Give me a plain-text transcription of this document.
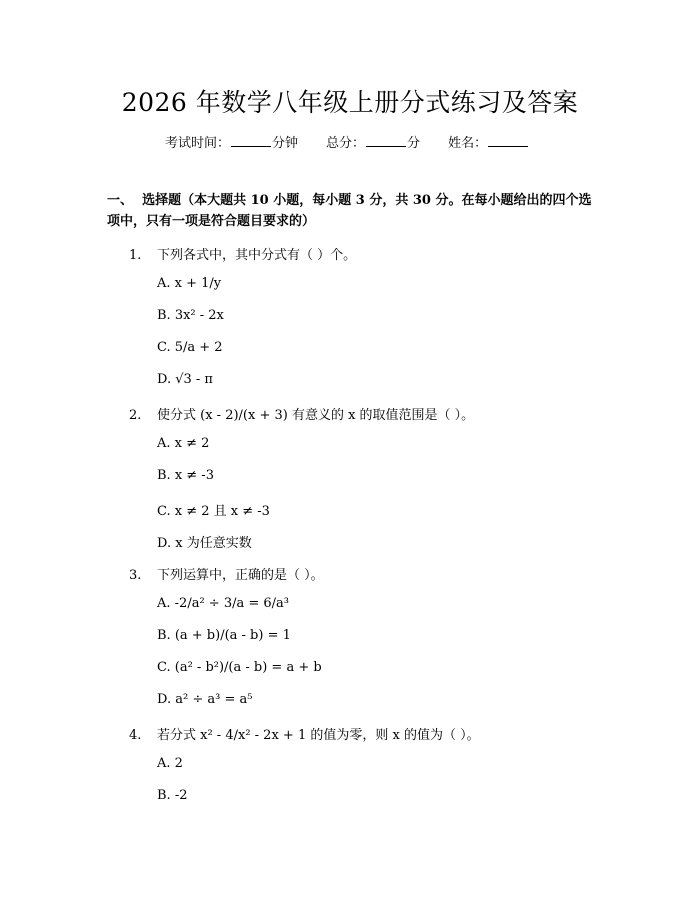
2026 年数学八年级上册分式练习及答案
考试时间：	分钟 总分：	分 姓名：
一、 选择题（本大题共 10 小题，每小题 3 分，共 30 分。在每小题给出的四个选项中，只有一项是符合题目要求的）
1. 下列各式中，其中分式有（ ）个。
A. x + 1/y
B. 3x² - 2x
C. 5/a + 2
D. √3 - π
2. 使分式 (x - 2)/(x + 3) 有意义的 x 的取值范围是（ ）。
A. x ≠ 2
B. x ≠ -3
C. x ≠ 2 且 x ≠ -3
D. x 为任意实数
3. 下列运算中，正确的是（ ）。
A. -2/a² ÷ 3/a = 6/a³
B. (a + b)/(a - b) = 1
C. (a² - b²)/(a - b) = a + b
D. a² ÷ a³ = a⁵
4. 若分式 x² - 4/x² - 2x + 1 的值为零，则 x 的值为（ ）。
A. 2
B. -2
